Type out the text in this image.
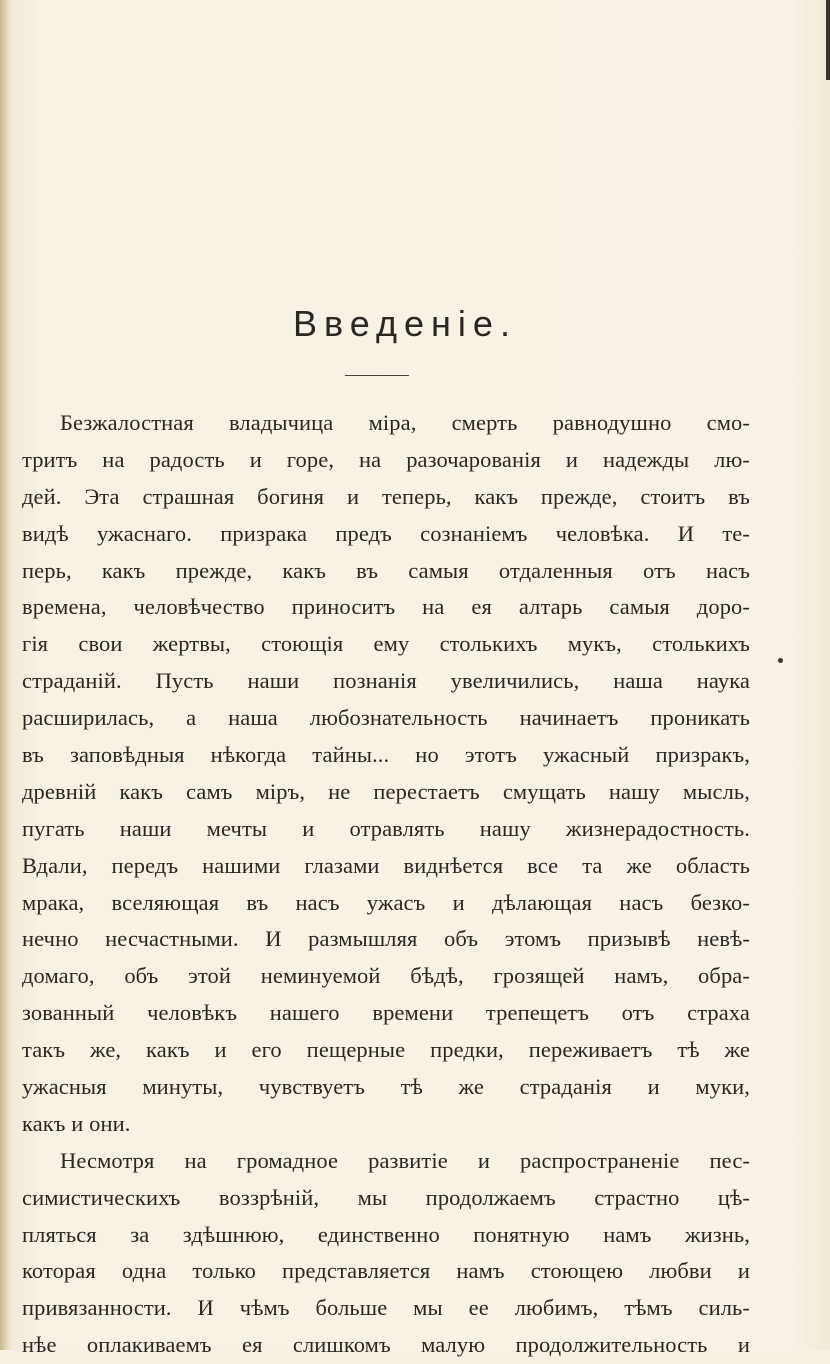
Введенie.
Безжалостная владычица мiра, смерть равнодушно смо-
тритъ на радость и горе, на разочарованiя и надежды лю-
дей. Эта страшная богиня и теперь, какъ прежде, стоитъ въ
видѣ ужаснаго. призрака предъ сознанiемъ человѣка. И те-
перь, какъ прежде, какъ въ самыя отдаленныя отъ насъ
времена, человѣчество приноситъ на ея алтарь самыя доро-
гiя свои жертвы, стоющiя ему столькихъ мукъ, столькихъ
страданiй. Пусть наши познанiя увеличились, наша наука
расширилась, а наша любознательность начинаетъ проникать
въ заповѣдныя нѣкогда тайны... но этотъ ужасный призракъ,
древнiй какъ самъ мiръ, не перестаетъ смущать нашу мысль,
пугать наши мечты и отравлять нашу жизнерадостность.
Вдали, передъ нашими глазами виднѣется все та же область
мрака, вселяющая въ насъ ужасъ и дѣлающая насъ безко-
нечно несчастными. И размышляя объ этомъ призывѣ невѣ-
домаго, объ этой неминуемой бѣдѣ, грозящей намъ, обра-
зованный человѣкъ нашего времени трепещетъ отъ страха
такъ же, какъ и его пещерные предки, переживаетъ тѣ же
ужасныя минуты, чувствуетъ тѣ же страданiя и муки,
какъ и они.
Несмотря на громадное развитiе и распространенiе пес-
симистическихъ воззрѣнiй, мы продолжаемъ страстно цѣ-
пляться за здѣшнюю, единственно понятную намъ жизнь,
которая одна только представляется намъ стоющею любви и
привязанности. И чѣмъ больше мы ее любимъ, тѣмъ силь-
нѣе оплакиваемъ ея слишкомъ малую продолжительность и
